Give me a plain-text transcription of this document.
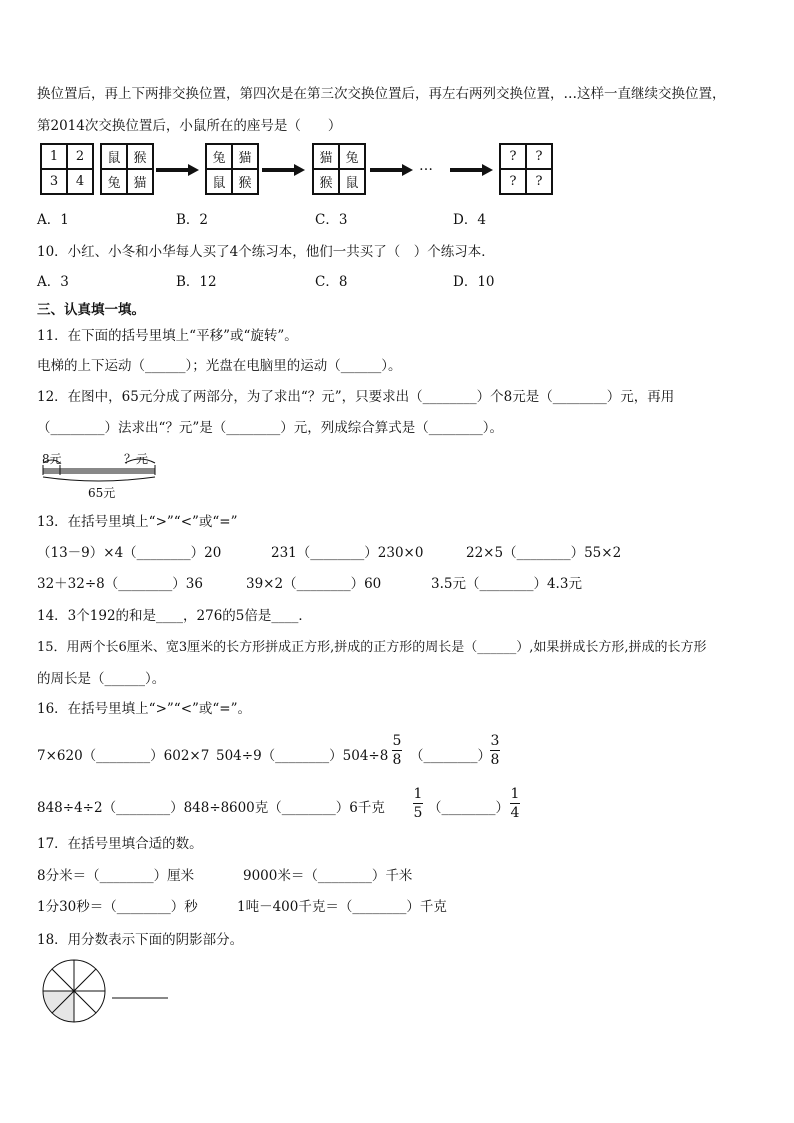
换位置后，再上下两排交换位置，第四次是在第三次交换位置后，再左右两列交换位置，…这样一直继续交换位置，
第2014次交换位置后，小鼠所在的座号是（　　）
1	2
3	4
鼠 猴
兔 猫
兔 猫
鼠 猴
猫 兔
猴 鼠
…
?	?
?	?
A．1	B．2	C．3	D．4
10．小红、小冬和小华每人买了4个练习本，他们一共买了（　）个练习本．
A．3	B．12	C．8	D．10
三、认真填一填。
11．在下面的括号里填上“平移”或“旋转”。
电梯的上下运动（______）；光盘在电脑里的运动（______）。
12．在图中，65元分成了两部分，为了求出“？元”，只要求出（________）个8元是（________）元，再用
（________）法求出“？元”是（________）元，列成综合算式是（________）。
8元	？元
65元
13．在括号里填上“>”“<”或“=”
（13－9）×4（________）20	231（________）230×0	22×5（________）55×2
32＋32÷8（________）36	39×2（________）60	3.5元（________）4.3元
14．3个192的和是____，276的5倍是____．
15．用两个长6厘米、宽3厘米的长方形拼成正方形,拼成的正方形的周长是（______）,如果拼成长方形,拼成的长方形
的周长是（______）。
16．在括号里填上“>”“<”或“=”。
7×620（________）602×7 504÷9（________）504÷8
5
8 （________）
3
8
848÷4÷2（________）848÷8 600克（________）6千克
1
5 （________）
1
4
17．在括号里填合适的数。
8分米＝（________）厘米	9000米＝（________）千米
1分30秒＝（________）秒	1吨－400千克＝（________）千克
18．用分数表示下面的阴影部分。
